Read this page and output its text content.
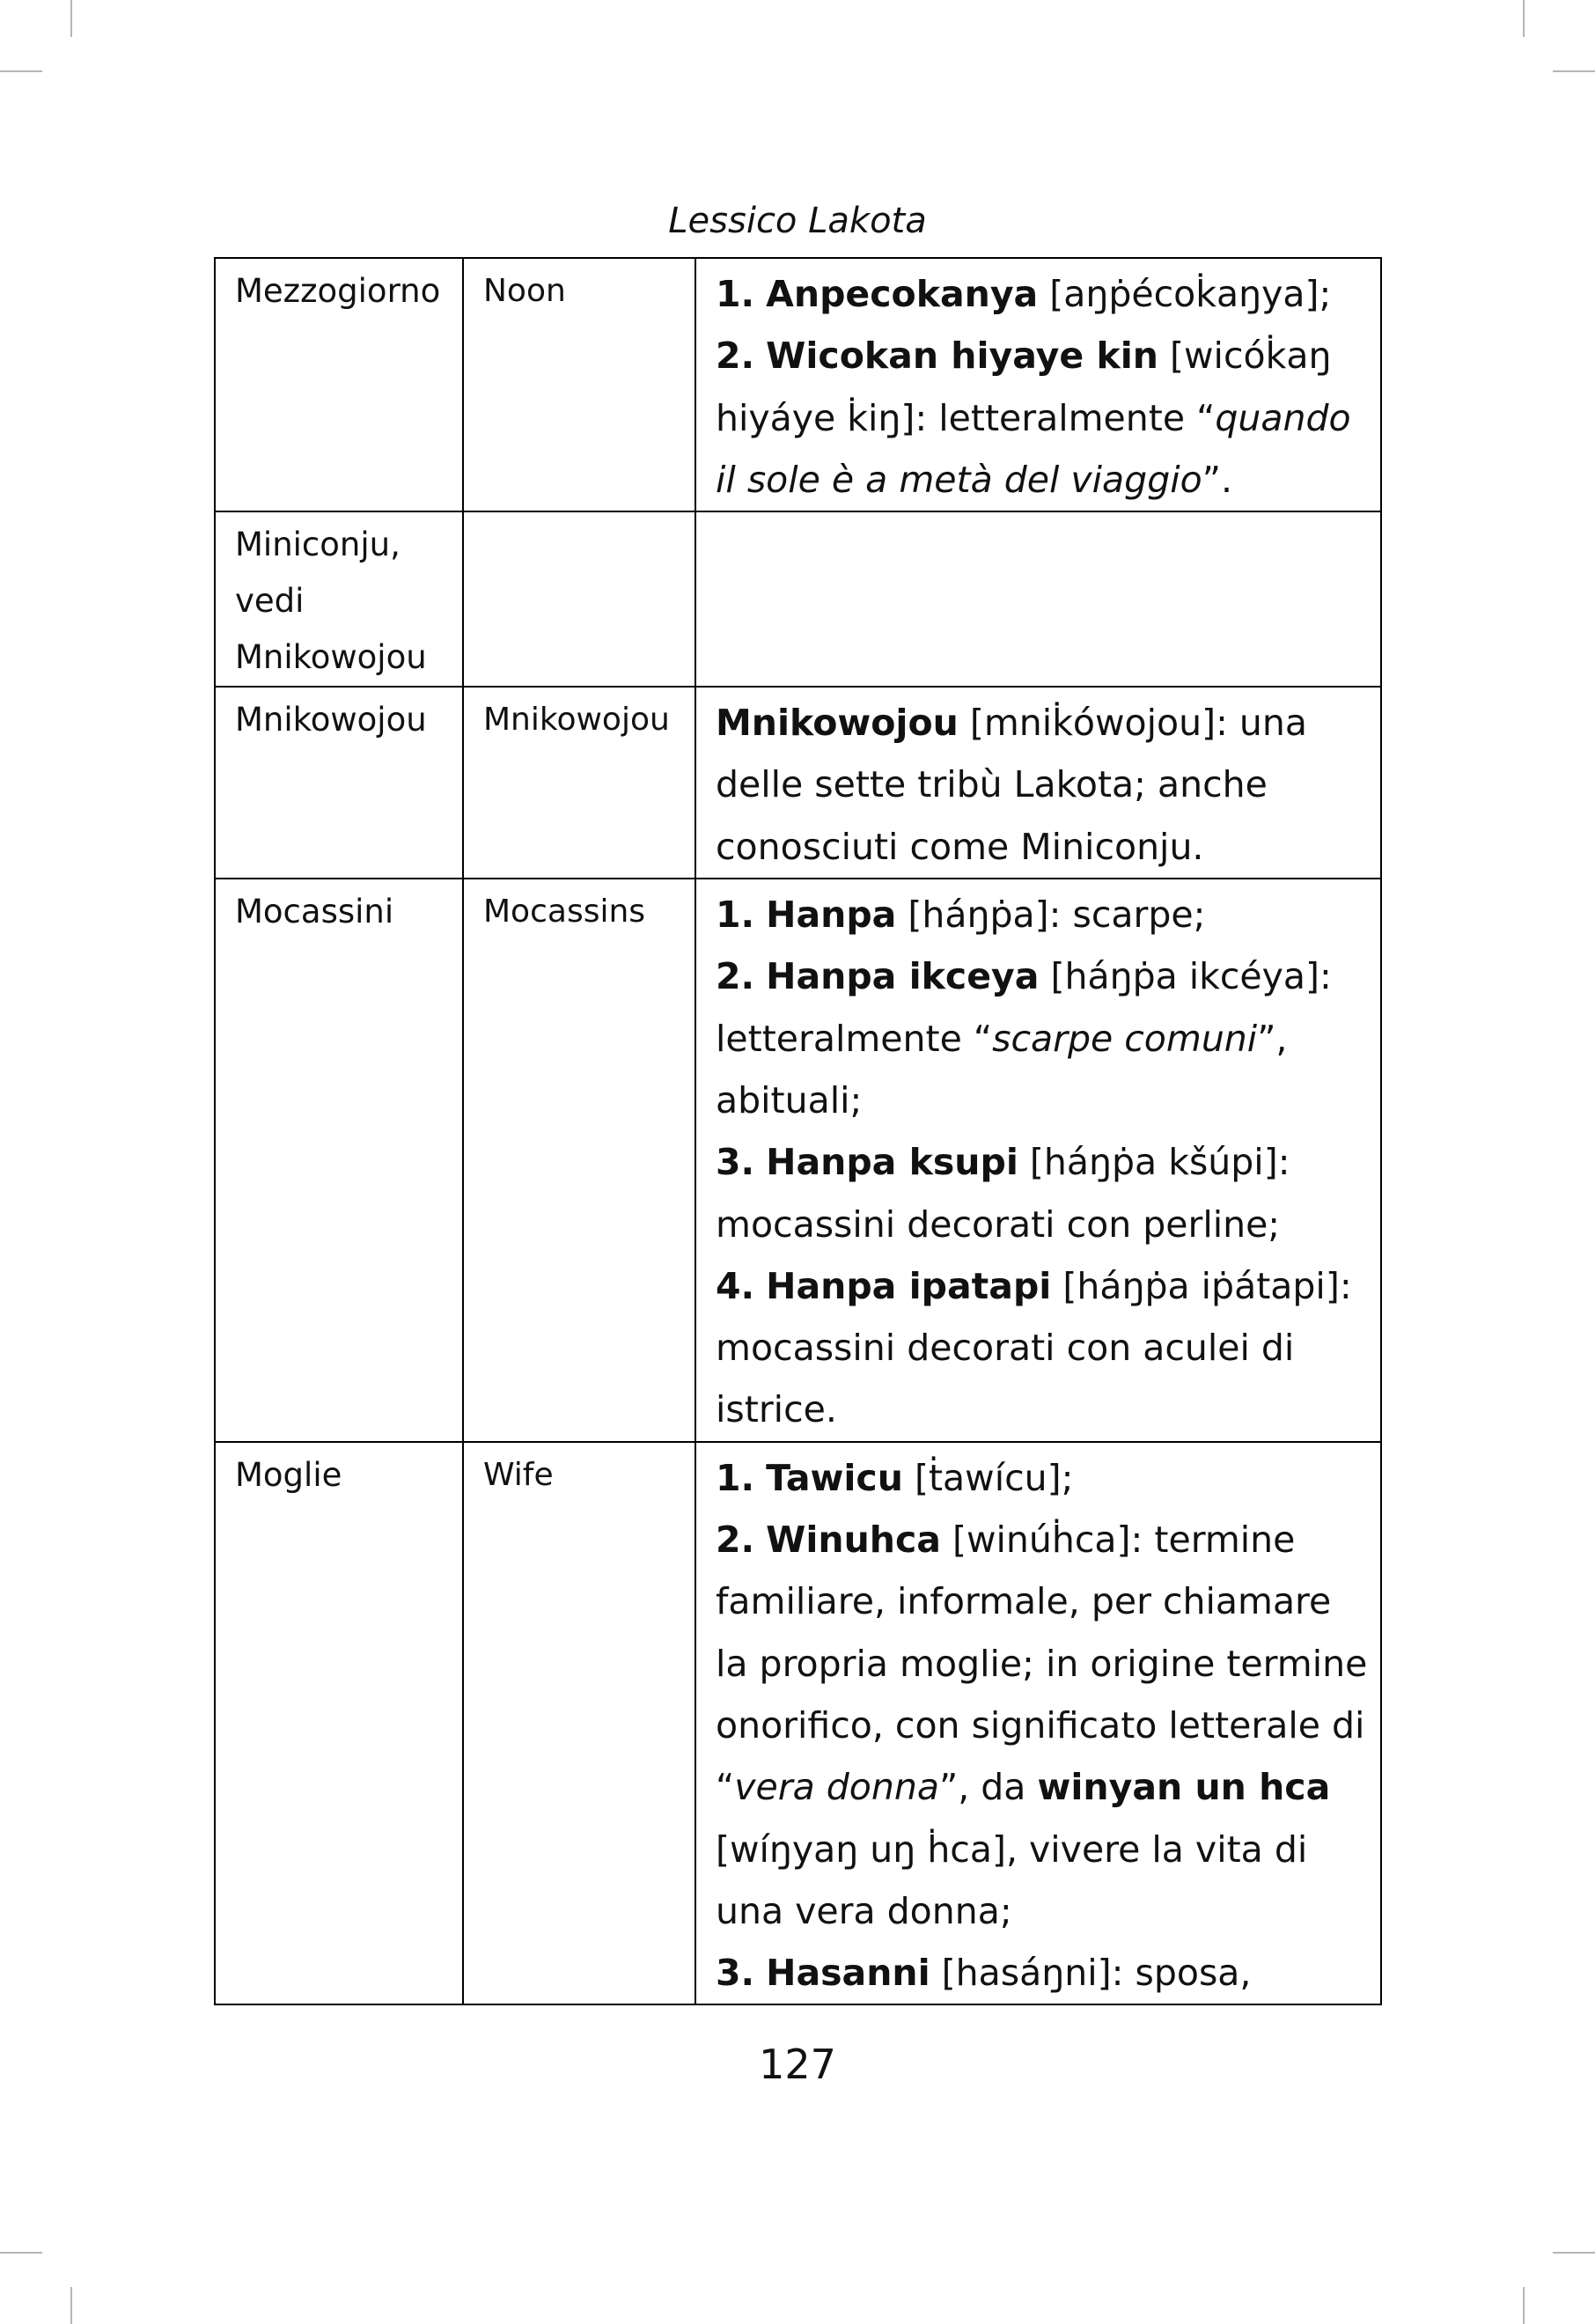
Lessico Lakota
Mezzogiorno	Noon	1. Anpecokanya [aŋṗécok̇aŋya];
2. Wicokan hiyaye kin [wicók̇aŋ hiyáye k̇iŋ]: letteralmente “quando il sole è a metà del viaggio”.

Miniconju, vedi Mnikowojou		
Mnikowojou	Mnikowojou	Mnikowojou [mnik̇ówojou]: una delle sette tribù Lakota; anche conosciuti come Miniconju.

Mocassini	Mocassins	1. Hanpa [háŋṗa]: scarpe;
2. Hanpa ikceya [háŋṗa ikcéya]: letteralmente “scarpe comuni”, abituali;
3. Hanpa ksupi [háŋṗa kšúpi]: mocassini decorati con perline;
4. Hanpa ipatapi [háŋṗa iṗátapi]: mocassini decorati con aculei di istrice.

Moglie	Wife	1. Tawicu [ṫawícu];
2. Winuhca [winúḣca]: termine familiare, informale, per chiamare la propria moglie; in origine termine onorifico, con significato letterale di “vera donna”, da winyan un hca [wíŋyaŋ uŋ ḣca], vivere la vita di una vera donna;
3. Hasanni [hasáŋni]: sposa,
127
